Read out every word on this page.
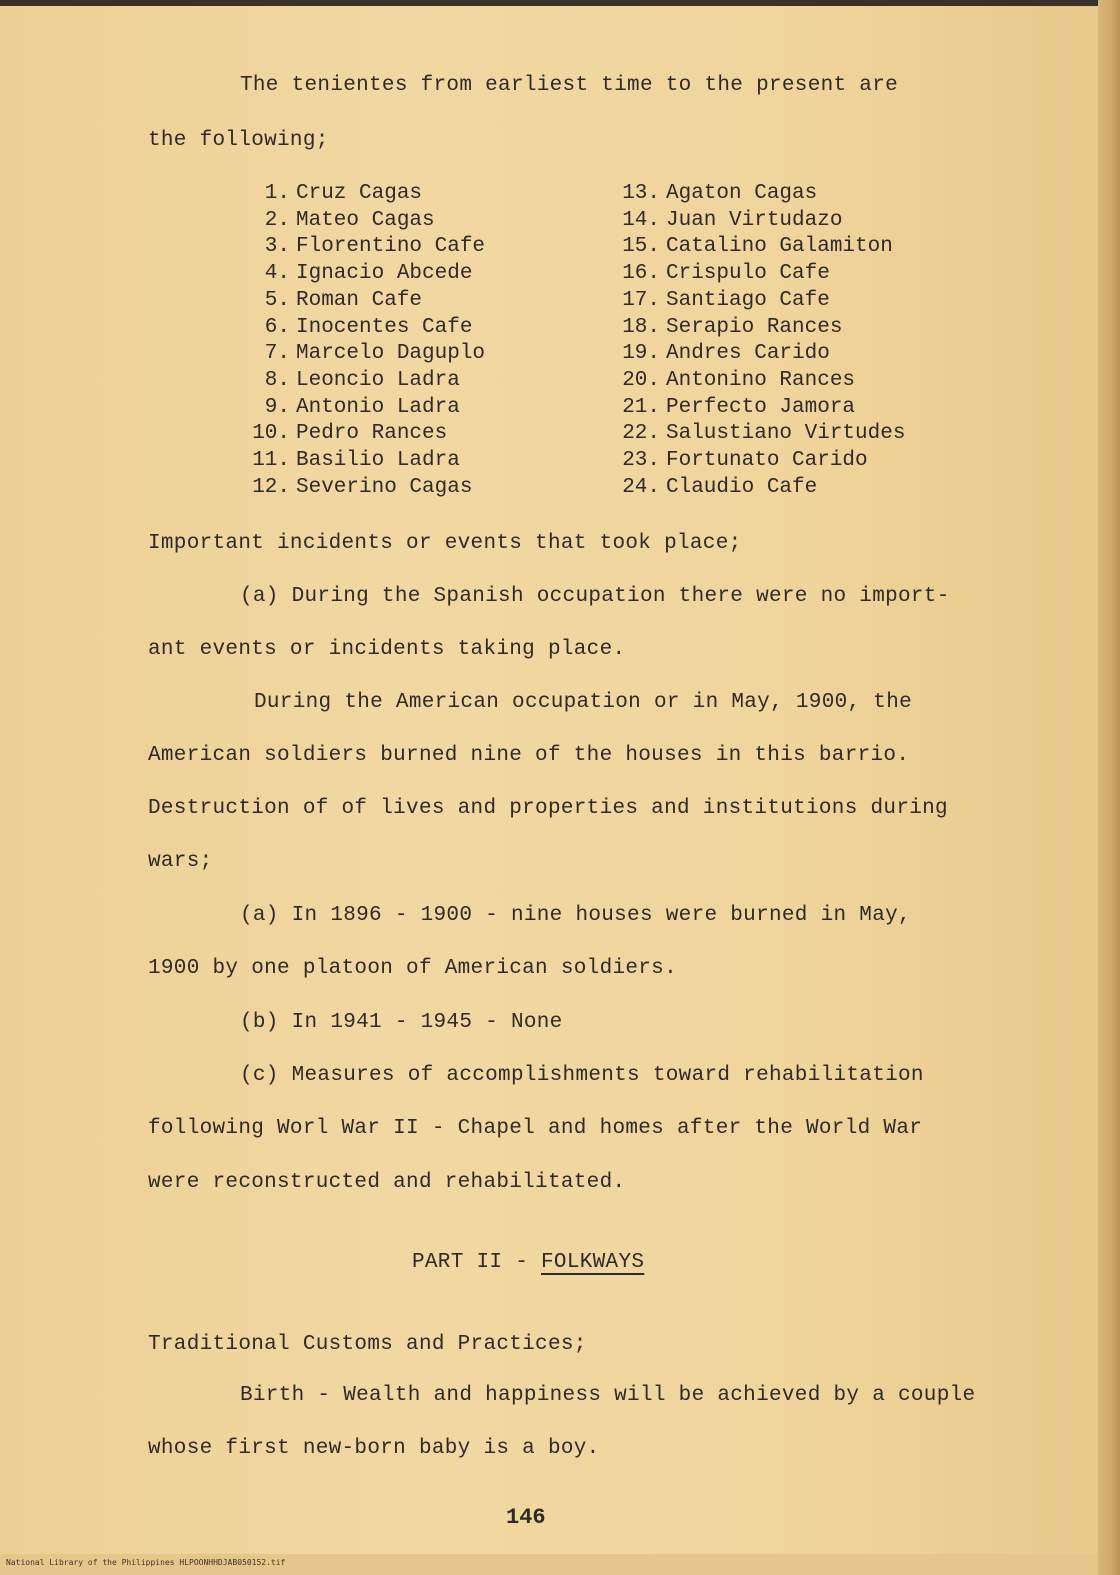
The tenientes from earliest time to the present are
the following;
1. Cruz Cagas
2. Mateo Cagas
3. Florentino Cafe
4. Ignacio Abcede
5. Roman Cafe
6. Inocentes Cafe
7. Marcelo Daguplo
8. Leoncio Ladra
9. Antonio Ladra
10. Pedro Rances
11. Basilio Ladra
12. Severino Cagas
13. Agaton Cagas
14. Juan Virtudazo
15. Catalino Galamiton
16. Crispulo Cafe
17. Santiago Cafe
18. Serapio Rances
19. Andres Carido
20. Antonino Rances
21. Perfecto Jamora
22. Salustiano Virtudes
23. Fortunato Carido
24. Claudio Cafe
Important incidents or events that took place;
(a) During the Spanish occupation there were no import-
ant events or incidents taking place.
During the American occupation or in May, 1900, the
American soldiers burned nine of the houses in this barrio.
Destruction of of lives and properties and institutions during
wars;
(a) In 1896 - 1900 - nine houses were burned in May,
1900 by one platoon of American soldiers.
(b) In 1941 - 1945 - None
(c) Measures of accomplishments toward rehabilitation
following Worl War II - Chapel and homes after the World War
were reconstructed and rehabilitated.
PART II - FOLKWAYS
Traditional Customs and Practices;
Birth - Wealth and happiness will be achieved by a couple
whose first new-born baby is a boy.
146
National Library of the Philippines HLPOONHHDJAB050152.tif
